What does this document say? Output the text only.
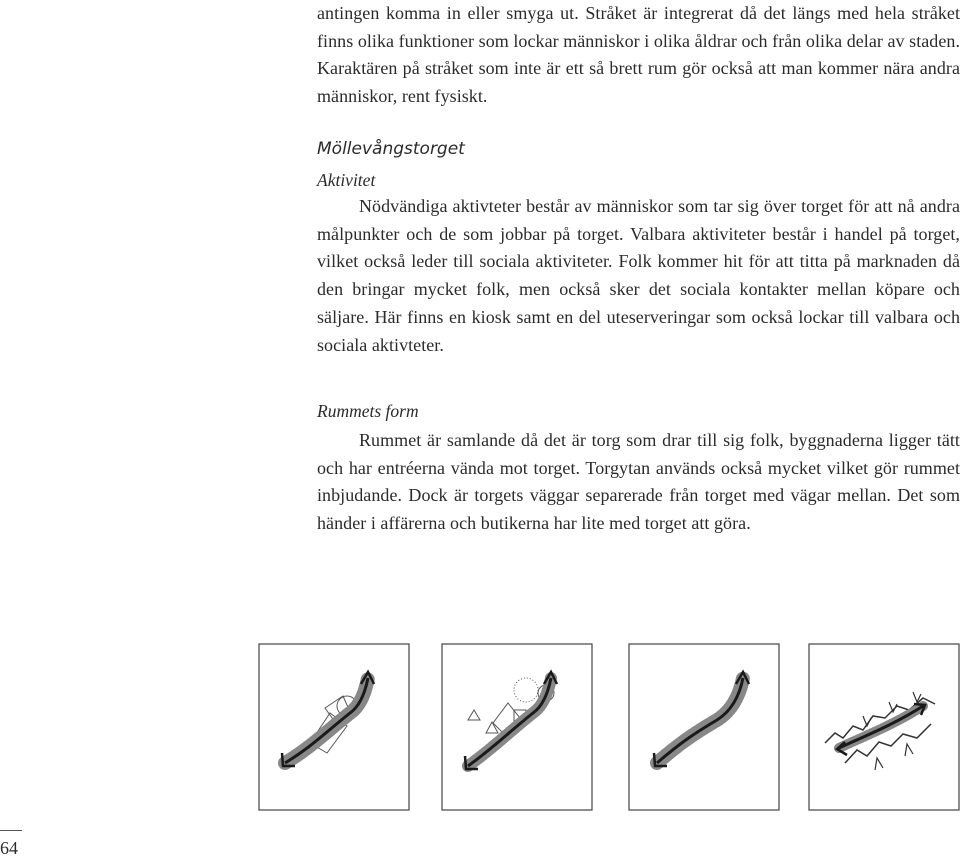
antingen komma in eller smyga ut. Stråket är integrerat då det längs med hela stråket finns olika funktioner som lockar människor i olika åldrar och från olika delar av staden. Karaktären på stråket som inte är ett så brett rum gör också att man kommer nära andra människor, rent fysiskt.

Möllevångstorget

Aktivitet

Nödvändiga aktivteter består av människor som tar sig över torget för att nå andra målpunkter och de som jobbar på torget. Valbara aktiviteter består i handel på torget, vilket också leder till sociala aktiviteter. Folk kommer hit för att titta på marknaden då den bringar mycket folk, men också sker det sociala kontakter mellan köpare och säljare. Här finns en kiosk samt en del uteserveringar som också lockar till valbara och sociala aktivteter.

Rummets form

Rummet är samlande då det är torg som drar till sig folk, byggnaderna ligger tätt och har entréerna vända mot torget. Torgytan används också mycket vilket gör rummet inbjudande. Dock är torgets väggar separerade från torget med vägar mellan. Det som händer i affärerna och butikerna har lite med torget att göra.

64
